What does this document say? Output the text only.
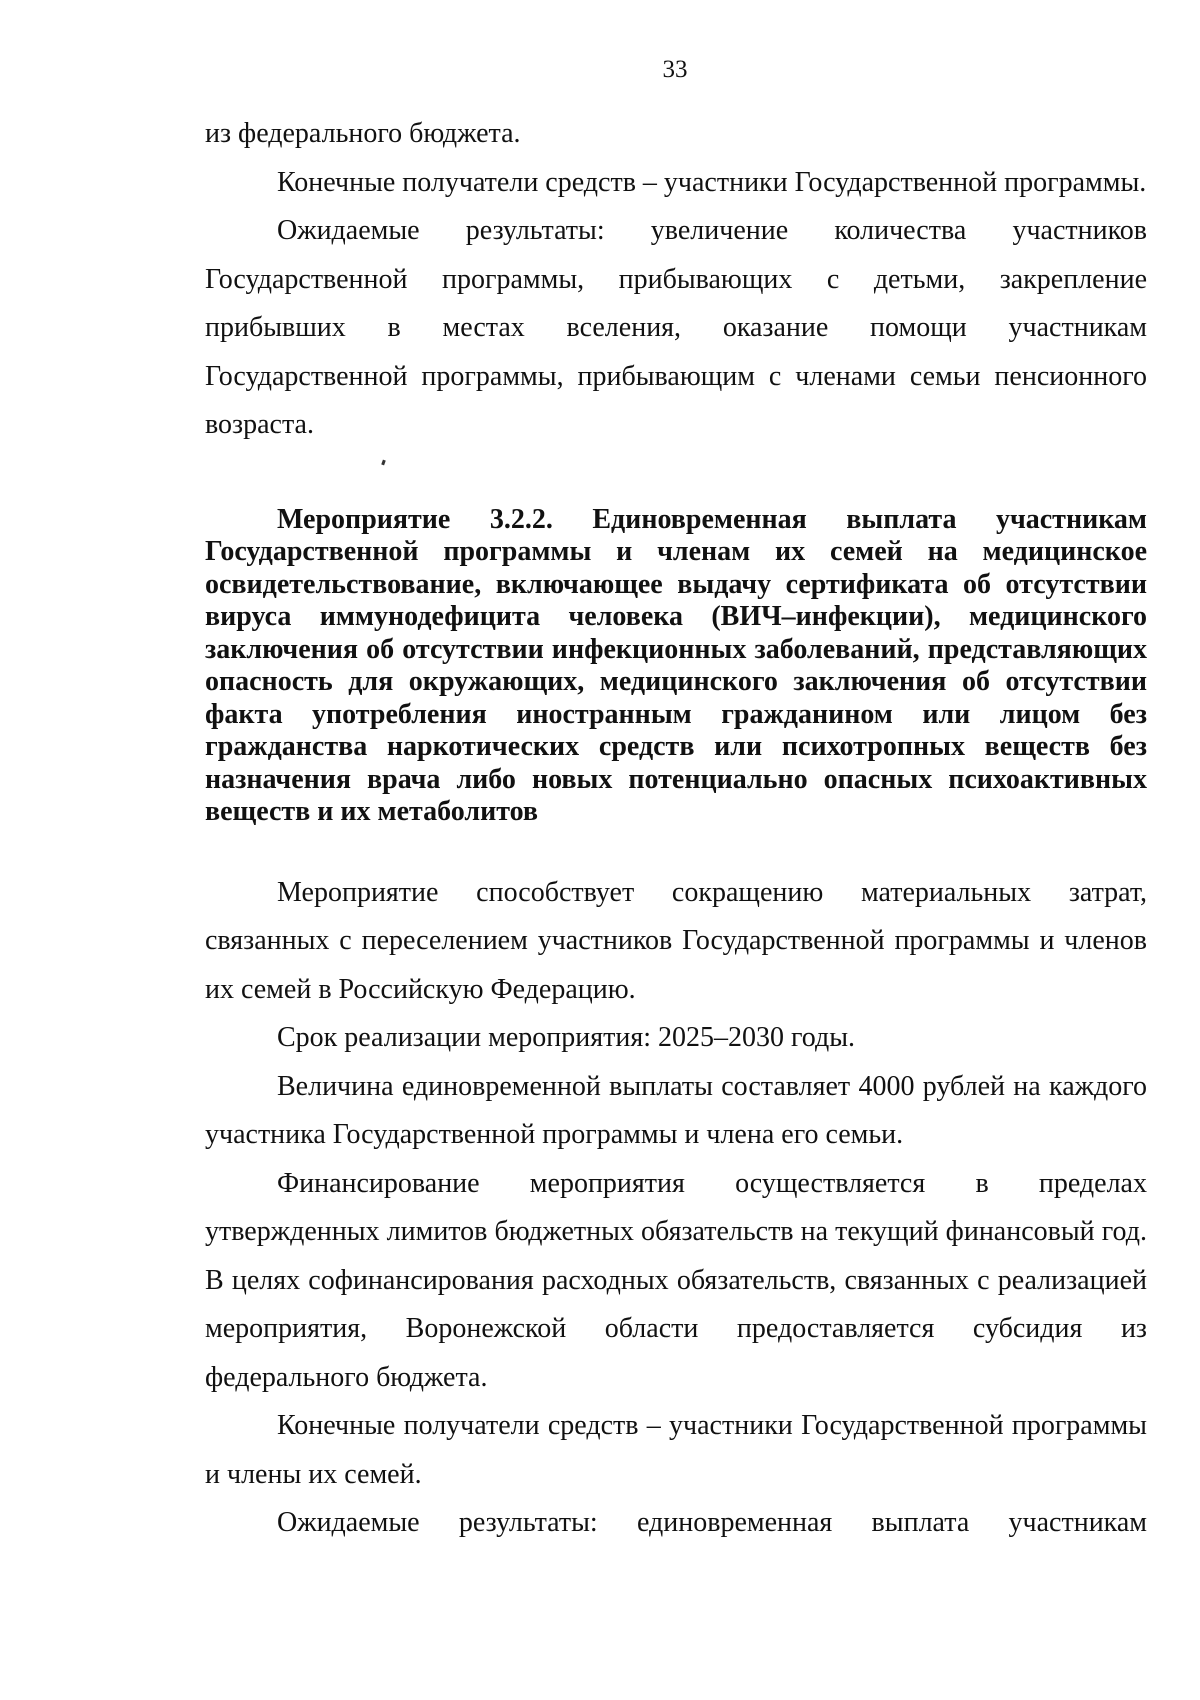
33

из федерального бюджета.

Конечные получатели средств – участники Государственной программы.

Ожидаемые результаты: увеличение количества участников Государственной программы, прибывающих с детьми, закрепление прибывших в местах вселения, оказание помощи участникам Государственной программы, прибывающим с членами семьи пенсионного возраста.

Мероприятие 3.2.2. Единовременная выплата участникам Государственной программы и членам их семей на медицинское освидетельствование, включающее выдачу сертификата об отсутствии вируса иммунодефицита человека (ВИЧ–инфекции), медицинского заключения об отсутствии инфекционных заболеваний, представляющих опасность для окружающих, медицинского заключения об отсутствии факта употребления иностранным гражданином или лицом без гражданства наркотических средств или психотропных веществ без назначения врача либо новых потенциально опасных психоактивных веществ и их метаболитов

Мероприятие способствует сокращению материальных затрат, связанных с переселением участников Государственной программы и членов их семей в Российскую Федерацию.

Срок реализации мероприятия: 2025–2030 годы.

Величина единовременной выплаты составляет 4000 рублей на каждого участника Государственной программы и члена его семьи.

Финансирование мероприятия осуществляется в пределах утвержденных лимитов бюджетных обязательств на текущий финансовый год. В целях софинансирования расходных обязательств, связанных с реализацией мероприятия, Воронежской области предоставляется субсидия из федерального бюджета.

Конечные получатели средств – участники Государственной программы и члены их семей.

Ожидаемые результаты: единовременная выплата участникам
